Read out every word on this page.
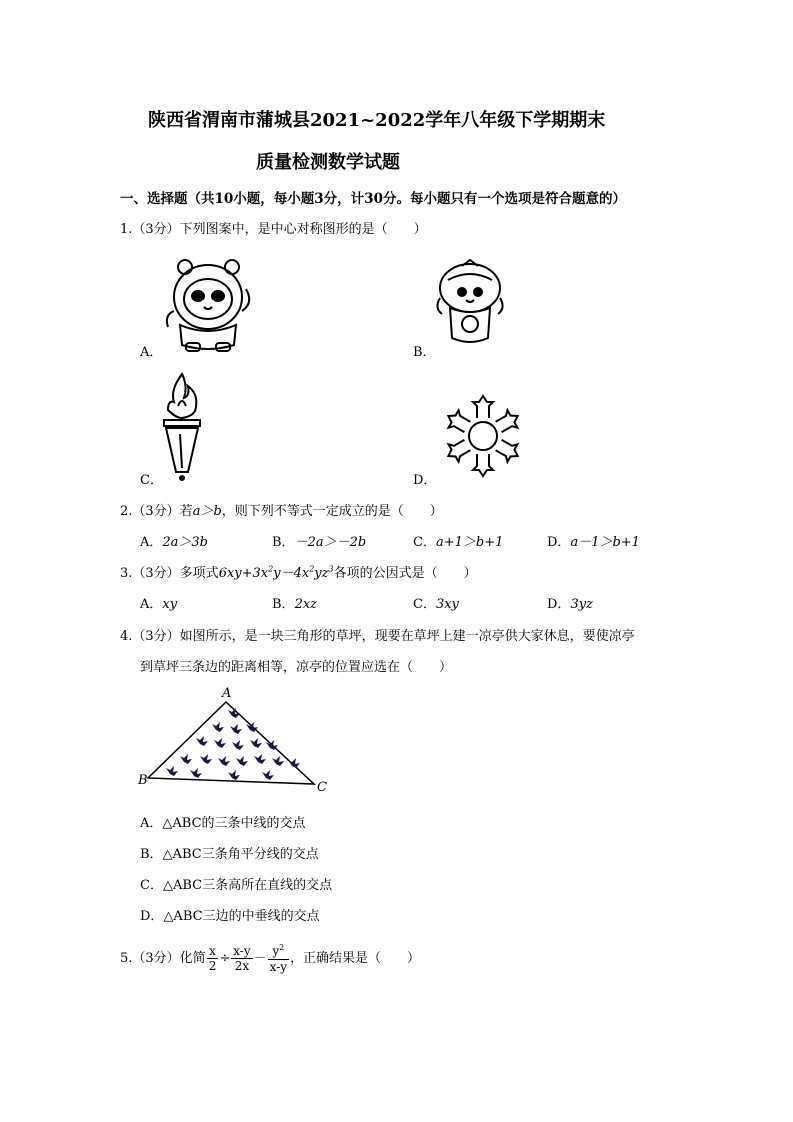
陕西省渭南市蒲城县2021~2022学年八年级下学期期末
质量检测数学试题
一、选择题（共10小题，每小题3分，计30分。每小题只有一个选项是符合题意的）
1.（3分）下列图案中，是中心对称图形的是（　　）
A．	B．
C．	D．
2.（3分）若a＞b，则下列不等式一定成立的是（　　）
A．2a＞3b	B．－2a＞－2b	C．a+1＞b+1	D．a－1＞b+1
3.（3分）多项式$6xy+3x^2y-4x^2yz^3$各项的公因式是（　　）
A．xy	B．2xz	C．3xy	D．3yz
4.（3分）如图所示，是一块三角形的草坪，现要在草坪上建一凉亭供大家休息，要使凉亭
到草坪三条边的距离相等，凉亭的位置应选在（　　）
A
B	C
A．△ABC的三条中线的交点
B．△ABC三条角平分线的交点
C．△ABC三条高所在直线的交点
D．△ABC三边的中垂线的交点
5.（3分）化简 $\frac{x}{2} \div \frac{x-y}{2x} - \frac{y^2}{x-y}$ ，正确结果是（　　）
